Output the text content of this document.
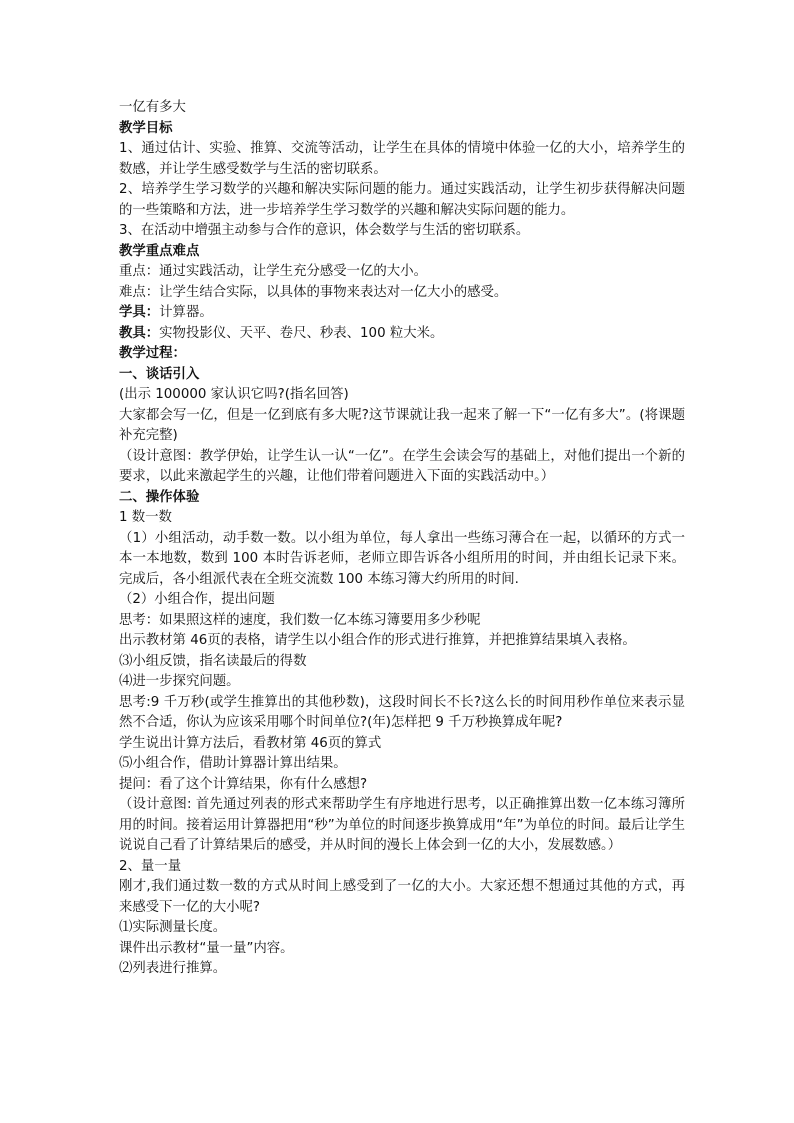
一亿有多大
教学目标
1、通过估计、实验、推算、交流等活动，让学生在具体的情境中体验一亿的大小，培养学生的数感，并让学生感受数学与生活的密切联系。
2、培养学生学习数学的兴趣和解决实际问题的能力。通过实践活动，让学生初步获得解决问题的一些策略和方法，进一步培养学生学习数学的兴趣和解决实际问题的能力。
3、在活动中增强主动参与合作的意识，体会数学与生活的密切联系。
教学重点难点
重点：通过实践活动，让学生充分感受一亿的大小。
难点：让学生结合实际，以具体的事物来表达对一亿大小的感受。
学具：计算器。
教具：实物投影仪、天平、卷尺、秒表、100 粒大米。
教学过程：
一、谈话引入
(出示 100000 家认识它吗?(指名回答)
大家都会写一亿，但是一亿到底有多大呢?这节课就让我一起来了解一下“一亿有多大”。(将课题补充完整)
（设计意图：教学伊始，让学生认一认“一亿”。在学生会读会写的基础上，对他们提出一个新的要求，以此来激起学生的兴趣，让他们带着问题进入下面的实践活动中。）
二、操作体验
1 数一数
（1）小组活动，动手数一数。以小组为单位，每人拿出一些练习薄合在一起，以循环的方式一本一本地数，数到 100 本时告诉老师，老师立即告诉各小组所用的时间，并由组长记录下来。完成后，各小组派代表在全班交流数 100 本练习簿大约所用的时间.
（2）小组合作，提出问题
思考：如果照这样的速度，我们数一亿本练习簿要用多少秒呢
出示教材第 46页的表格，请学生以小组合作的形式进行推算，并把推算结果填入表格。
⑶小组反馈，指名读最后的得数
⑷进一步探究问题。
思考:9 千万秒(或学生推算出的其他秒数)，这段时间长不长?这么长的时间用秒作单位来表示显然不合适，你认为应该采用哪个时间单位?(年)怎样把 9 千万秒换算成年呢?
学生说出计算方法后，看教材第 46页的算式
⑸小组合作，借助计算器计算出结果。
提问：看了这个计算结果，你有什么感想?
（设计意图: 首先通过列表的形式来帮助学生有序地进行思考，以正确推算出数一亿本练习簿所用的时间。接着运用计算器把用“秒”为单位的时间逐步换算成用“年”为单位的时间。最后让学生说说自己看了计算结果后的感受，并从时间的漫长上体会到一亿的大小，发展数感。）
2、量一量
刚才,我们通过数一数的方式从时间上感受到了一亿的大小。大家还想不想通过其他的方式，再来感受下一亿的大小呢?
⑴实际测量长度。
课件出示教材“量一量”内容。
⑵列表进行推算。
